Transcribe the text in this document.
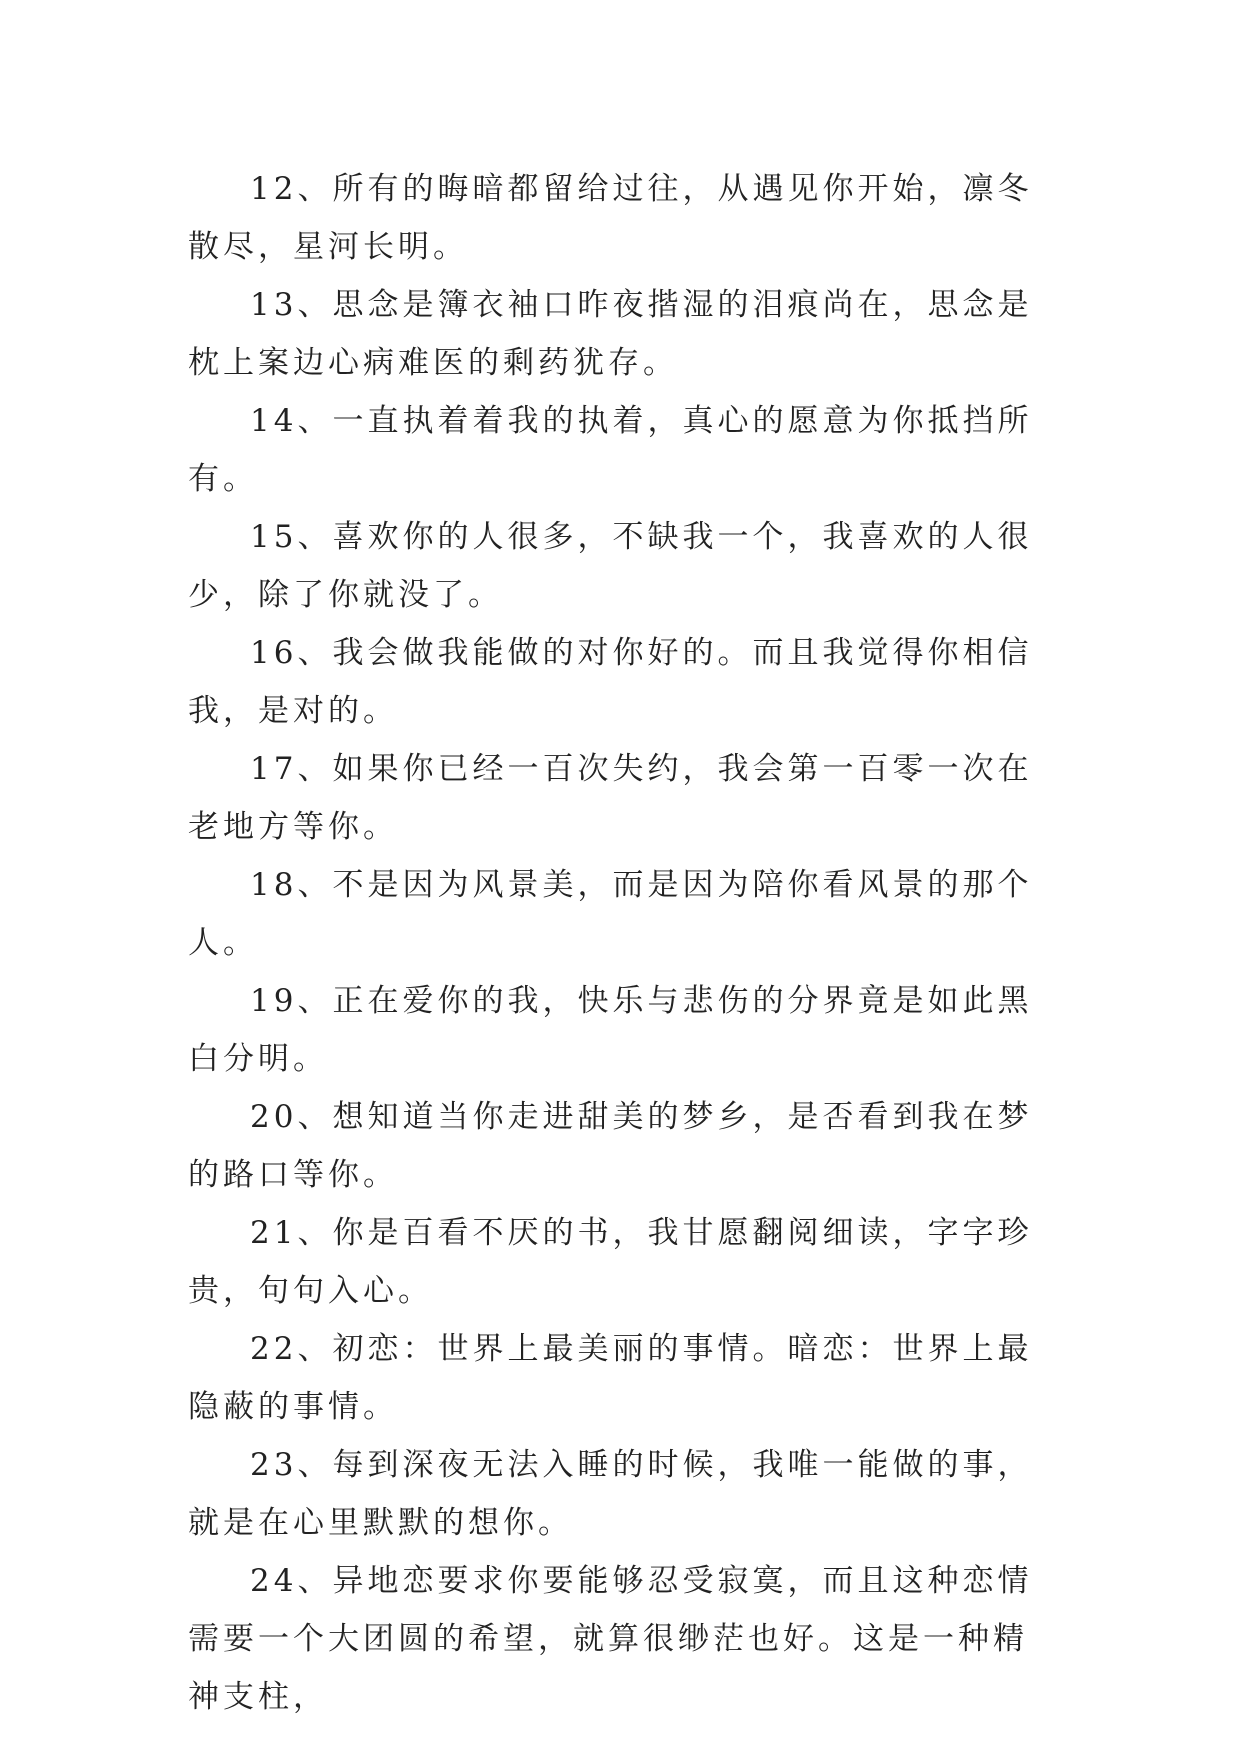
12、所有的晦暗都留给过往，从遇见你开始，凛冬散尽，星河长明。

13、思念是簿衣袖口昨夜揩湿的泪痕尚在，思念是枕上案边心病难医的剩药犹存。

14、一直执着着我的执着，真心的愿意为你抵挡所有。

15、喜欢你的人很多，不缺我一个，我喜欢的人很少，除了你就没了。

16、我会做我能做的对你好的。而且我觉得你相信我，是对的。

17、如果你已经一百次失约，我会第一百零一次在老地方等你。

18、不是因为风景美，而是因为陪你看风景的那个人。

19、正在爱你的我，快乐与悲伤的分界竟是如此黑白分明。

20、想知道当你走进甜美的梦乡，是否看到我在梦的路口等你。

21、你是百看不厌的书，我甘愿翻阅细读，字字珍贵，句句入心。

22、初恋：世界上最美丽的事情。暗恋：世界上最隐蔽的事情。

23、每到深夜无法入睡的时候，我唯一能做的事，就是在心里默默的想你。

24、异地恋要求你要能够忍受寂寞，而且这种恋情需要一个大团圆的希望，就算很缈茫也好。这是一种精神支柱，
